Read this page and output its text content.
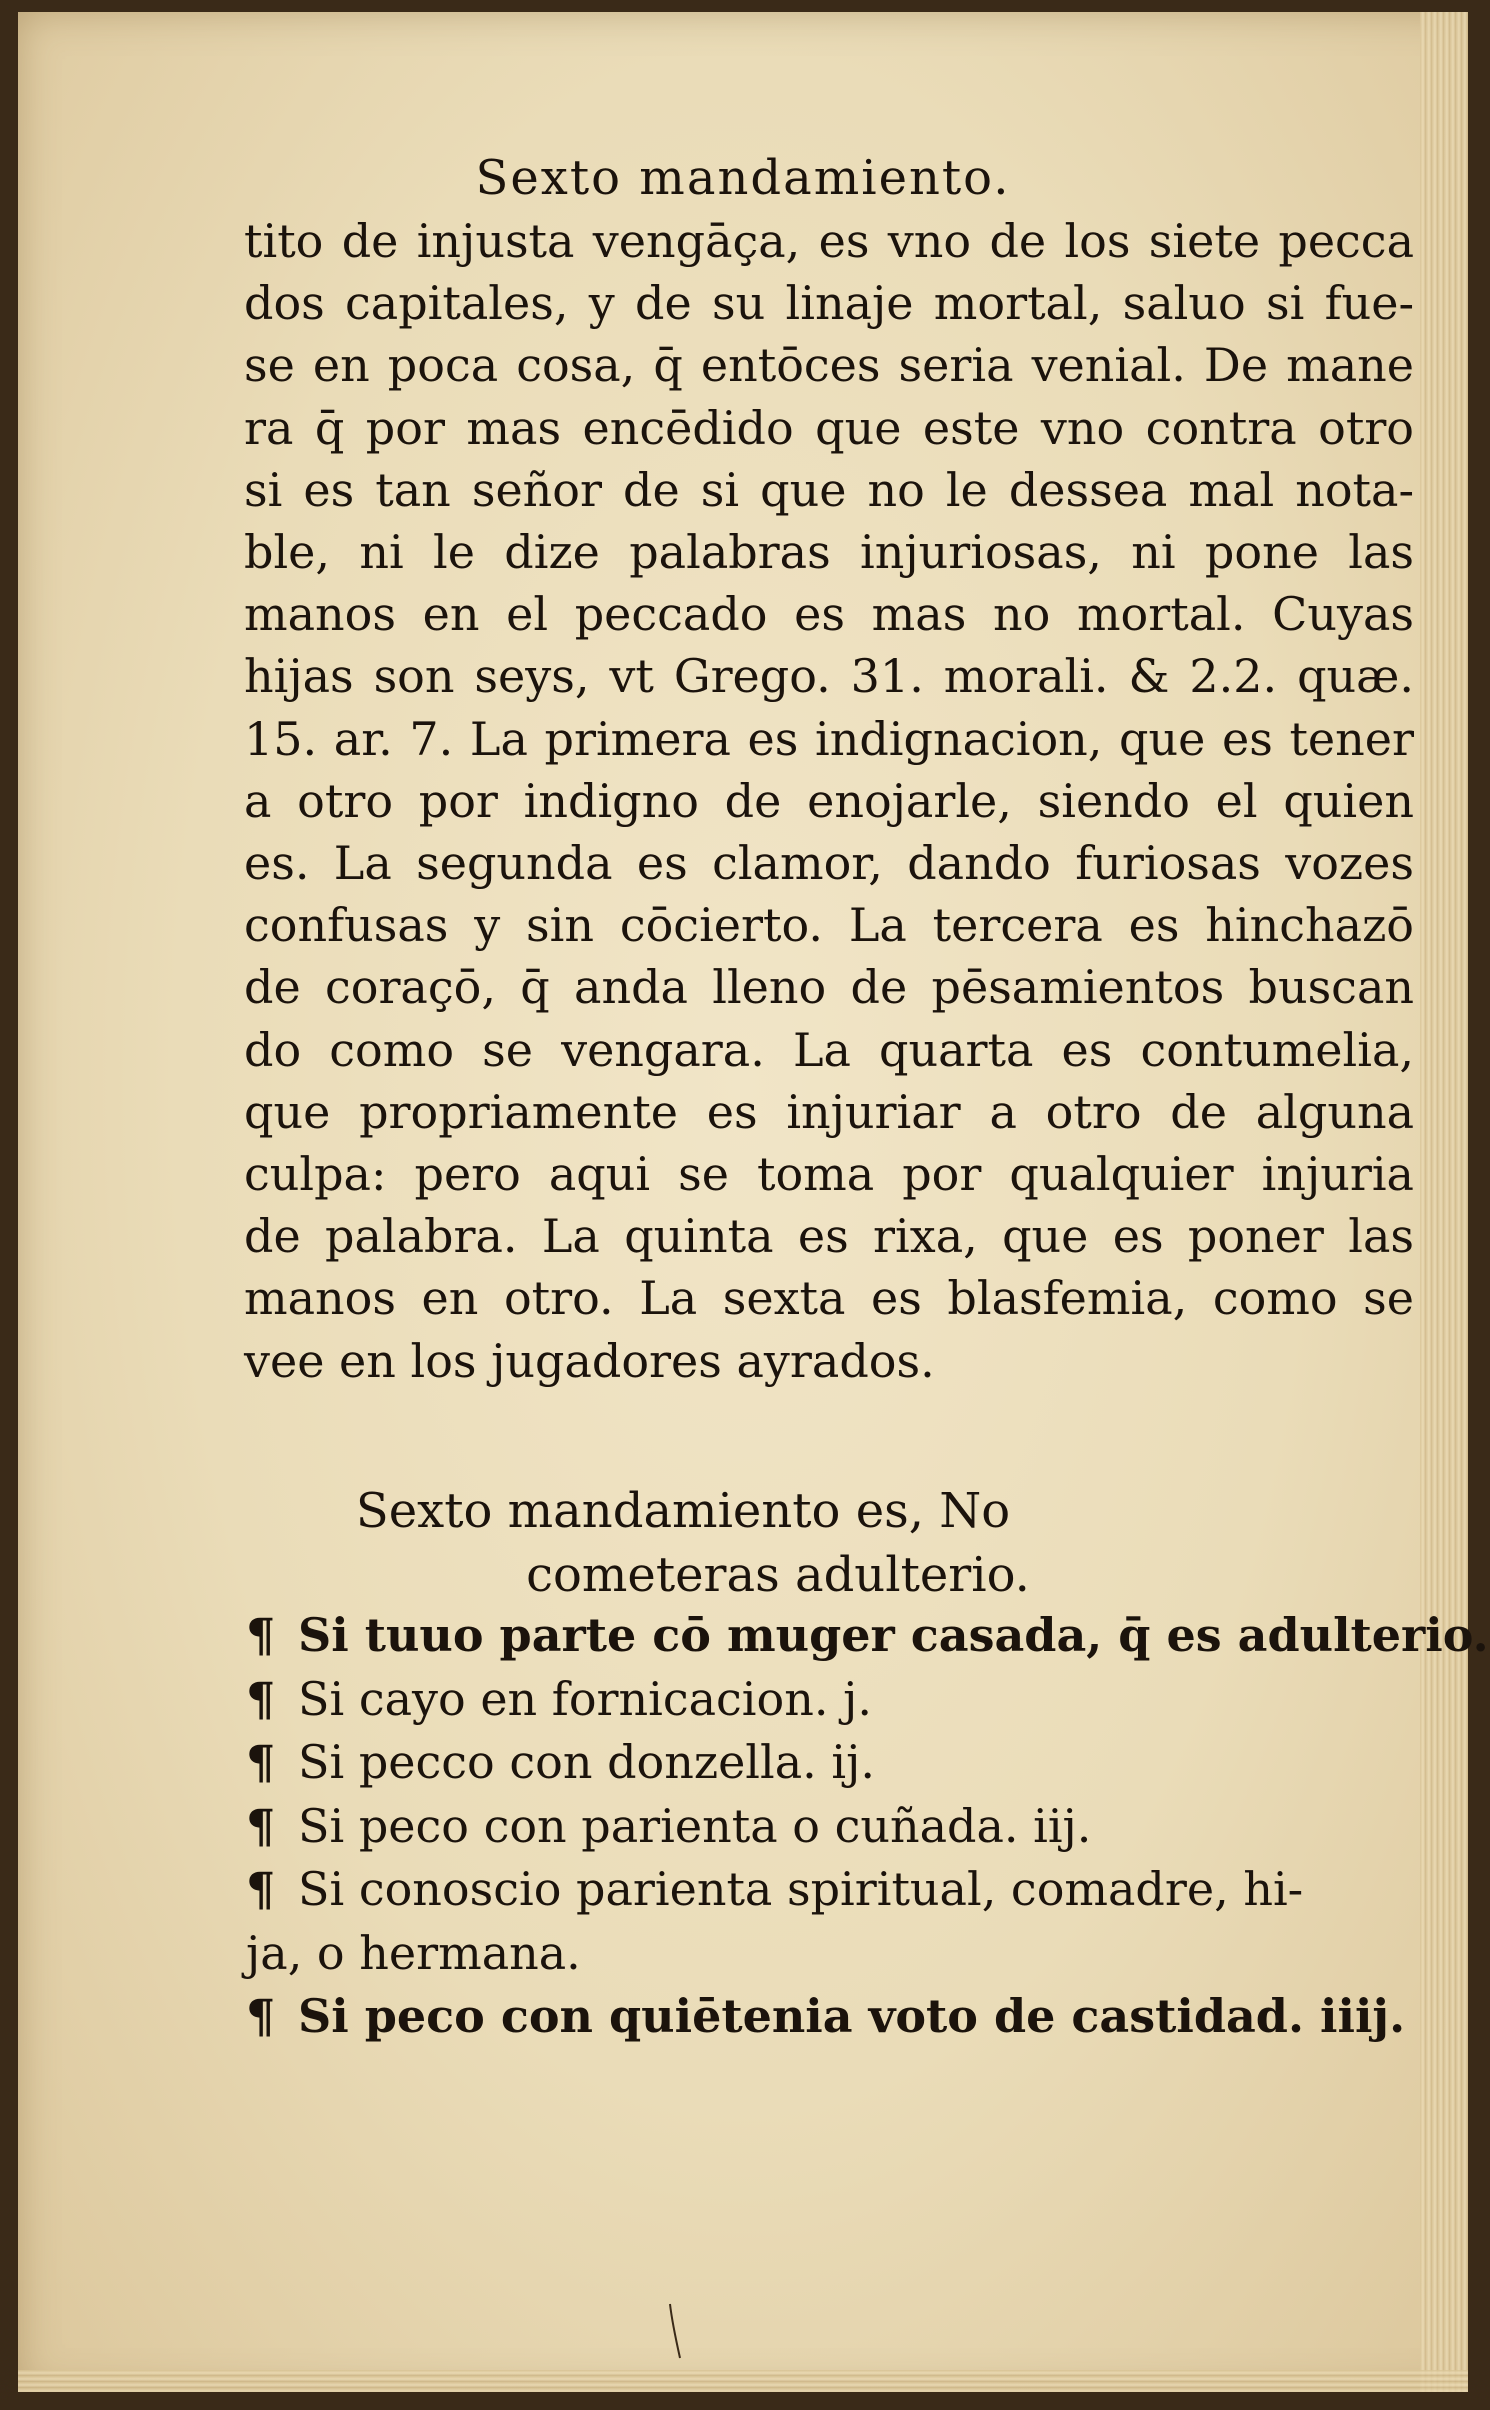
Sexto mandamiento.
tito de injusta vengāça, es vno de los siete pecca
dos capitales, y de su linaje mortal, saluo si fue-
se en poca cosa, q̄ entōces seria venial. De mane
ra q̄ por mas encēdido que este vno contra otro
si es tan señor de si que no le dessea mal nota-
ble, ni le dize palabras injuriosas, ni pone las
manos en el peccado es mas no mortal. Cuyas
hijas son seys, vt Grego. 31. morali. & 2.2. quæ.
15. ar. 7. La primera es indignacion, que es tener
a otro por indigno de enojarle, siendo el quien
es. La segunda es clamor, dando furiosas vozes
confusas y sin cōcierto. La tercera es hinchazō
de coraçō, q̄ anda lleno de pēsamientos buscan
do como se vengara. La quarta es contumelia,
que propriamente es injuriar a otro de alguna
culpa: pero aqui se toma por qualquier injuria
de palabra. La quinta es rixa, que es poner las
manos en otro. La sexta es blasfemia, como se
vee en los jugadores ayrados.
Sexto mandamiento es, No
cometeras adulterio.
¶ Si tuuo parte cō muger casada, q̄ es adulterio.
¶ Si cayo en fornicacion. j.
¶ Si pecco con donzella. ij.
¶ Si peco con parienta o cuñada. iij.
¶ Si conoscio parienta spiritual, comadre, hi-
ja, o hermana.
¶ Si peco con quiētenia voto de castidad. iiij.
